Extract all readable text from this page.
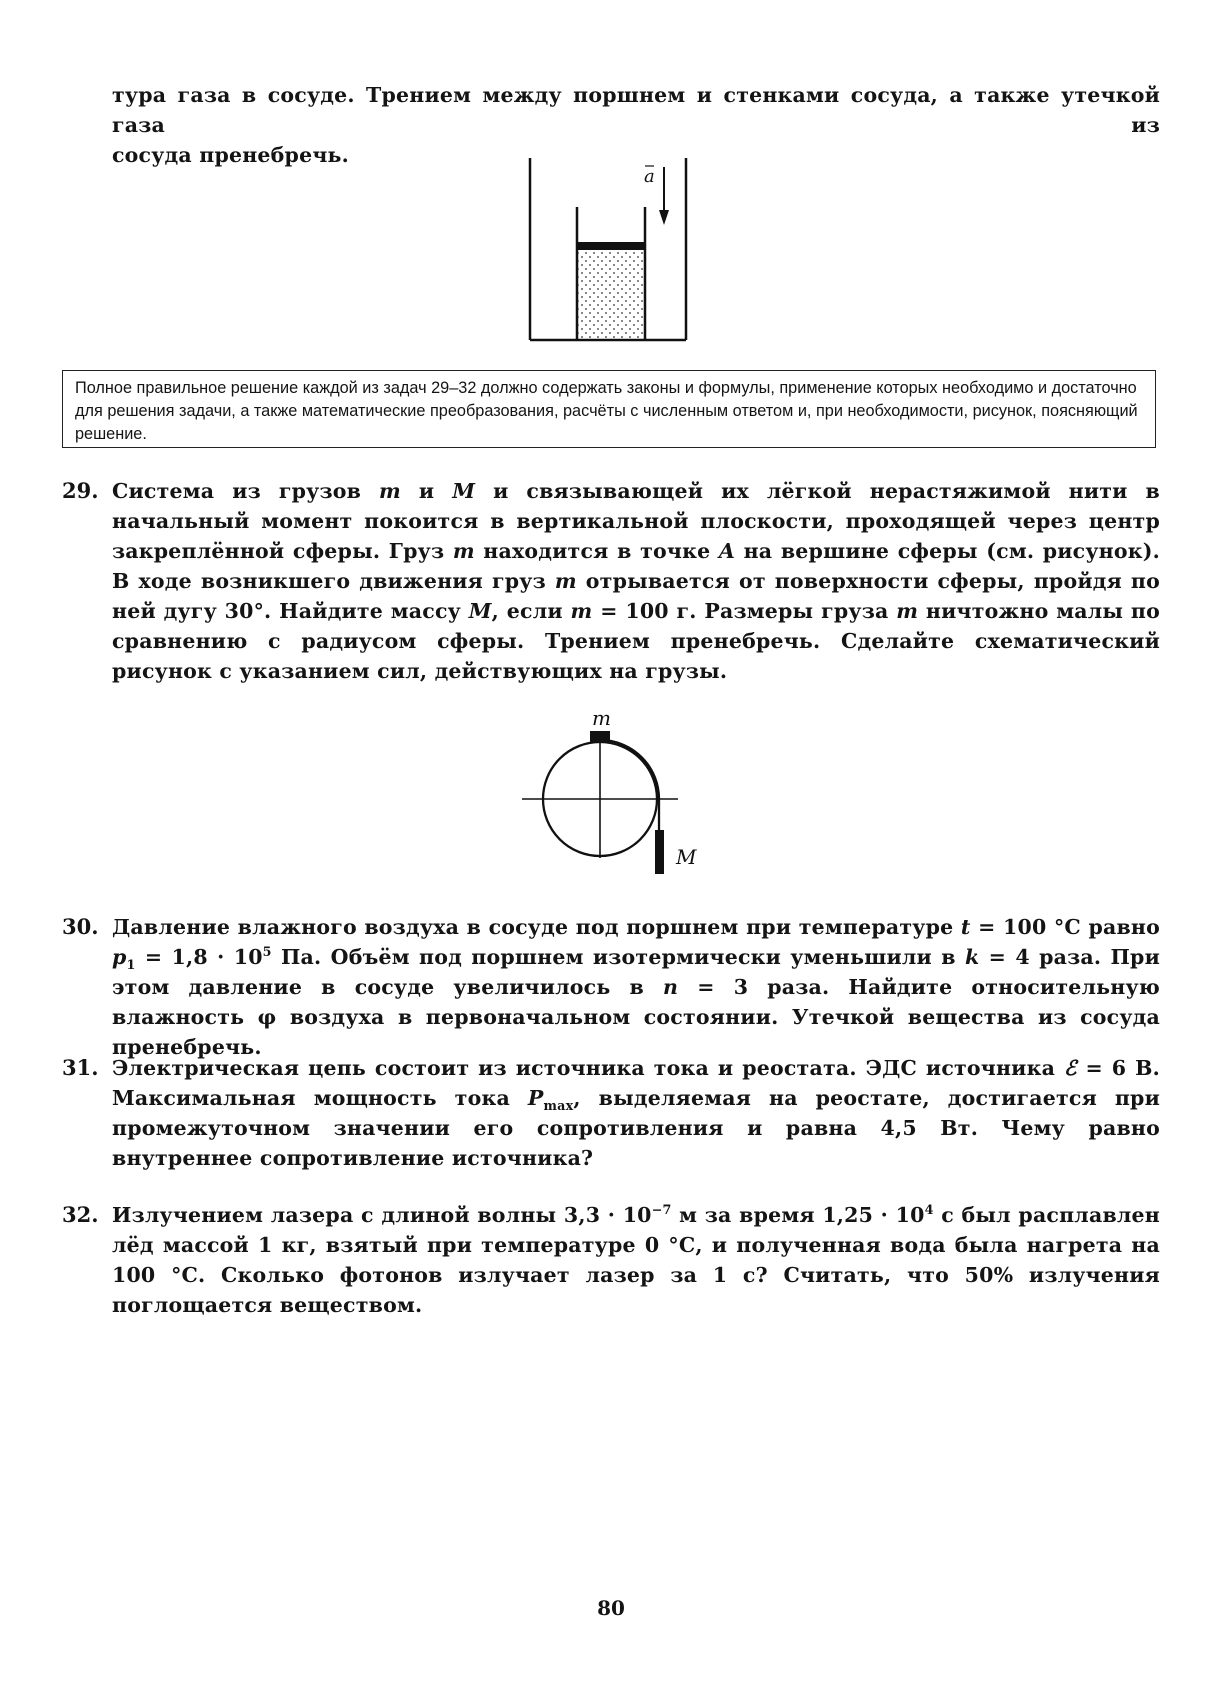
тура газа в сосуде. Трением между поршнем и стенками сосуда, а также утечкой газа из
сосуда пренебречь.
a
Полное правильное решение каждой из задач 29–32 должно содержать законы и формулы, применение которых необходимо и достаточно для решения задачи, а также математические преобразования, расчёты с численным ответом и, при необходимости, рисунок, поясняющий решение.
29. Система из грузов m и M и связывающей их лёгкой нерастяжимой нити в начальный момент покоится в вертикальной плоскости, проходящей через центр закреплённой сферы. Груз m находится в точке A на вершине сферы (см. рисунок). В ходе возникшего движения груз m отрывается от поверхности сферы, пройдя по ней дугу 30°. Найдите массу M, если m = 100 г. Размеры груза m ничтожно малы по сравнению с радиусом сферы. Трением пренебречь. Сделайте схематический рисунок с указанием сил, действующих на грузы.
m
M
30. Давление влажного воздуха в сосуде под поршнем при температуре t = 100 °С равно $p_1 = 1,8 \cdot 10^5$ Па. Объём под поршнем изотермически уменьшили в k = 4 раза. При этом давление в сосуде увеличилось в n = 3 раза. Найдите относительную влажность φ воздуха в первоначальном состоянии. Утечкой вещества из сосуда пренебречь.
31. Электрическая цепь состоит из источника тока и реостата. ЭДС источника ℰ = 6 В. Максимальная мощность тока $P_{max}$, выделяемая на реостате, достигается при промежуточном значении его сопротивления и равна 4,5 Вт. Чему равно внутреннее сопротивление источника?
32. Излучением лазера с длиной волны $3,3 \cdot 10^{-7}$ м за время $1,25 \cdot 10^4$ с был расплавлен лёд массой 1 кг, взятый при температуре 0 °С, и полученная вода была нагрета на 100 °С. Сколько фотонов излучает лазер за 1 с? Считать, что 50% излучения поглощается веществом.
80
